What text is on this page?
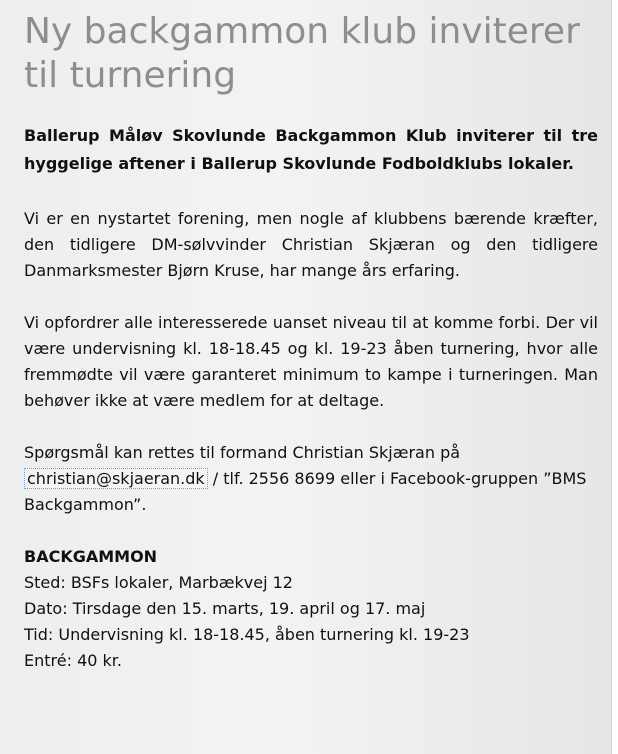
Ny backgammon klub inviterer til turnering

Ballerup Måløv Skovlunde Backgammon Klub inviterer til tre hyggelige aftener i Ballerup Skovlunde Fodboldklubs lokaler.

Vi er en nystartet forening, men nogle af klubbens bærende kræfter, den tidligere DM-sølvvinder Christian Skjæran og den tidligere Danmarksmester Bjørn Kruse, har mange års erfaring.

Vi opfordrer alle interesserede uanset niveau til at komme forbi. Der vil være undervisning kl. 18-18.45 og kl. 19-23 åben turnering, hvor alle fremmødte vil være garanteret minimum to kampe i turneringen. Man behøver ikke at være medlem for at deltage.

Spørgsmål kan rettes til formand Christian Skjæran på christian@skjaeran.dk / tlf. 2556 8699 eller i Facebook-gruppen ”BMS Backgammon”.

BACKGAMMON

Sted: BSFs lokaler, Marbækvej 12

Dato: Tirsdage den 15. marts, 19. april og 17. maj

Tid: Undervisning kl. 18-18.45, åben turnering kl. 19-23

Entré: 40 kr.
